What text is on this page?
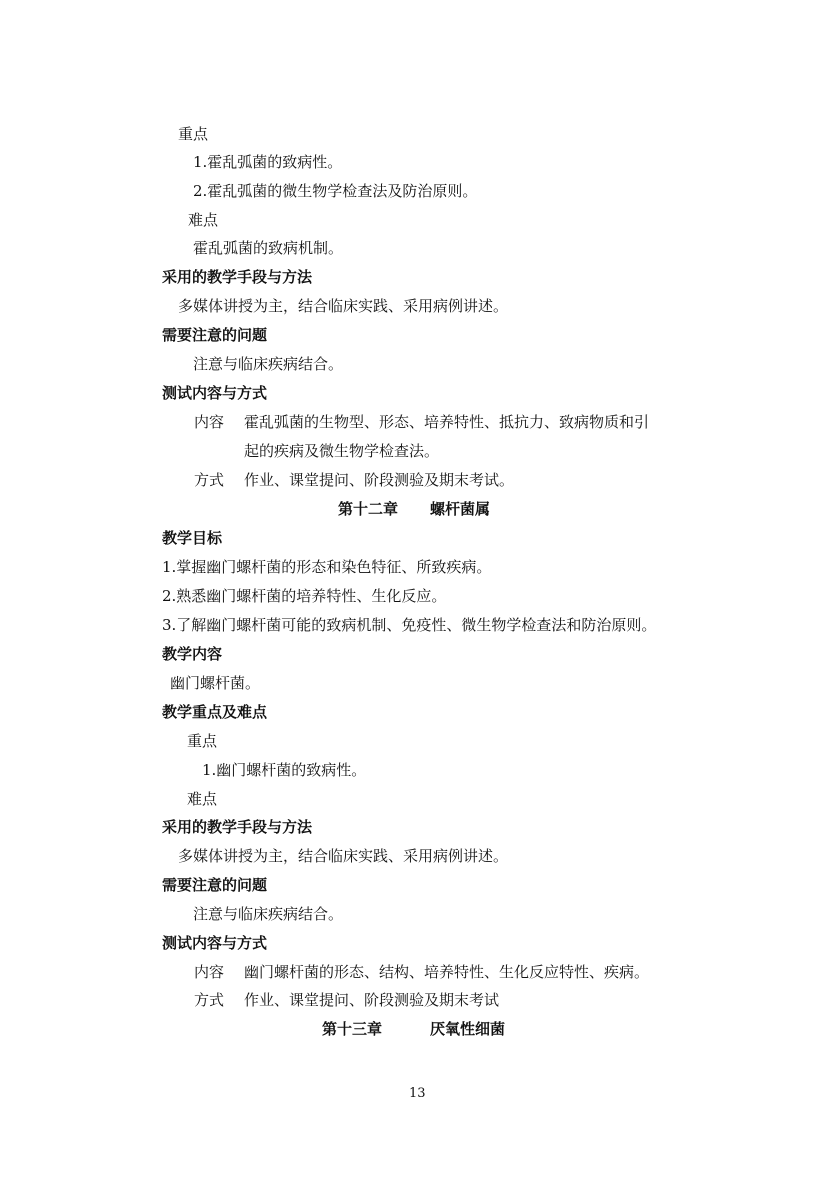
重点

1.霍乱弧菌的致病性。

2.霍乱弧菌的微生物学检查法及防治原则。

难点

霍乱弧菌的致病机制。

采用的教学手段与方法

多媒体讲授为主，结合临床实践、采用病例讲述。

需要注意的问题

注意与临床疾病结合。

测试内容与方式

内容 霍乱弧菌的生物型、形态、培养特性、抵抗力、致病物质和引

起的疾病及微生物学检查法。

方式 作业、课堂提问、阶段测验及期末考试。

第十二章 螺杆菌属

教学目标

1.掌握幽门螺杆菌的形态和染色特征、所致疾病。

2.熟悉幽门螺杆菌的培养特性、生化反应。

3.了解幽门螺杆菌可能的致病机制、免疫性、微生物学检查法和防治原则。

教学内容

幽门螺杆菌。

教学重点及难点

重点

1.幽门螺杆菌的致病性。

难点

采用的教学手段与方法

多媒体讲授为主，结合临床实践、采用病例讲述。

需要注意的问题

注意与临床疾病结合。

测试内容与方式

内容 幽门螺杆菌的形态、结构、培养特性、生化反应特性、疾病。

方式 作业、课堂提问、阶段测验及期末考试

第十三章	厌氧性细菌

13
